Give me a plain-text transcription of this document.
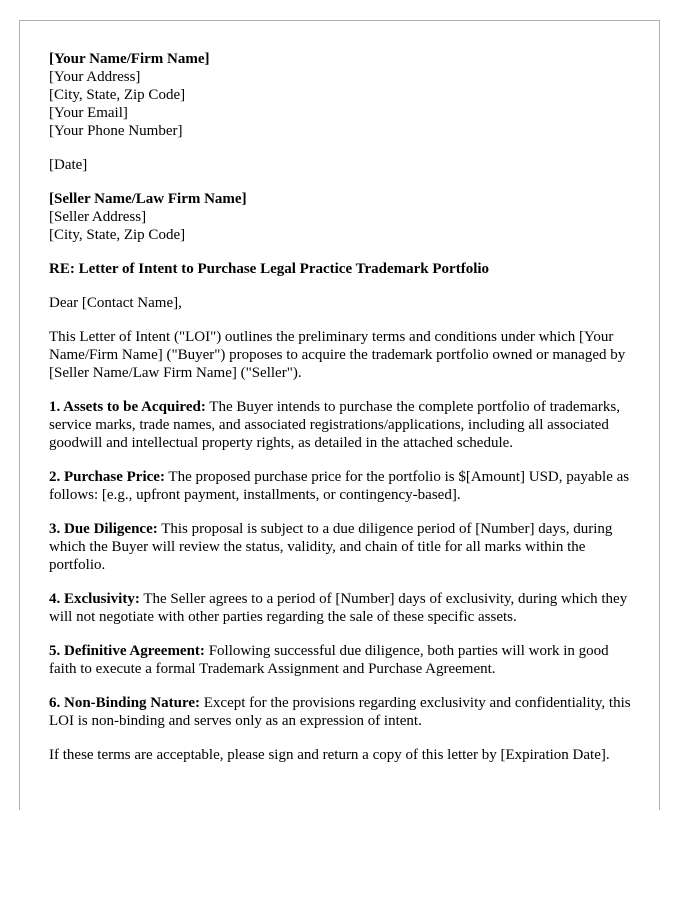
[Your Name/Firm Name]
[Your Address]
[City, State, Zip Code]
[Your Email]
[Your Phone Number]
[Date]
[Seller Name/Law Firm Name]
[Seller Address]
[City, State, Zip Code]

RE: Letter of Intent to Purchase Legal Practice Trademark Portfolio

Dear [Contact Name],

This Letter of Intent ("LOI") outlines the preliminary terms and conditions under which [Your Name/Firm Name] ("Buyer") proposes to acquire the trademark portfolio owned or managed by [Seller Name/Law Firm Name] ("Seller").

1. Assets to be Acquired: The Buyer intends to purchase the complete portfolio of trademarks, service marks, trade names, and associated registrations/applications, including all associated goodwill and intellectual property rights, as detailed in the attached schedule.

2. Purchase Price: The proposed purchase price for the portfolio is $[Amount] USD, payable as follows: [e.g., upfront payment, installments, or contingency-based].

3. Due Diligence: This proposal is subject to a due diligence period of [Number] days, during which the Buyer will review the status, validity, and chain of title for all marks within the portfolio.

4. Exclusivity: The Seller agrees to a period of [Number] days of exclusivity, during which they will not negotiate with other parties regarding the sale of these specific assets.

5. Definitive Agreement: Following successful due diligence, both parties will work in good faith to execute a formal Trademark Assignment and Purchase Agreement.

6. Non-Binding Nature: Except for the provisions regarding exclusivity and confidentiality, this LOI is non-binding and serves only as an expression of intent.

If these terms are acceptable, please sign and return a copy of this letter by [Expiration Date].
